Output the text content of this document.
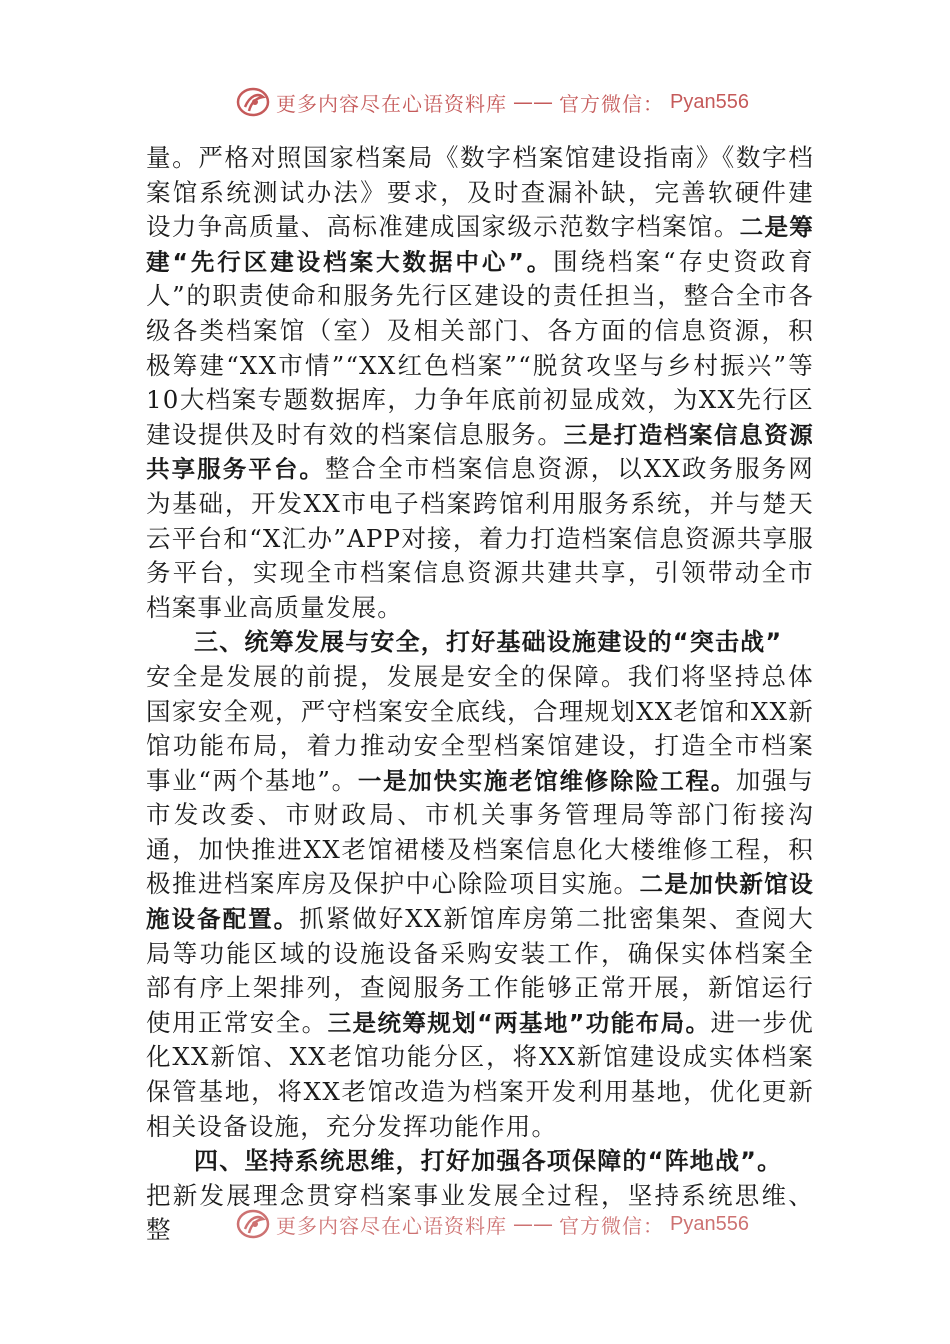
更多内容尽在心语资料库 —— 官方微信： Pyan556

量。严格对照国家档案局《数字档案馆建设指南》《数字档案馆系统测试办法》要求，及时查漏补缺，完善软硬件建设力争高质量、高标准建成国家级示范数字档案馆。二是筹建“先行区建设档案大数据中心”。围绕档案“存史资政育人”的职责使命和服务先行区建设的责任担当，整合全市各级各类档案馆（室）及相关部门、各方面的信息资源，积极筹建“XX市情”“XX红色档案”“脱贫攻坚与乡村振兴”等10大档案专题数据库，力争年底前初显成效，为XX先行区建设提供及时有效的档案信息服务。三是打造档案信息资源共享服务平台。整合全市档案信息资源，以XX政务服务网为基础，开发XX市电子档案跨馆利用服务系统，并与楚天云平台和“X汇办”APP对接，着力打造档案信息资源共享服务平台，实现全市档案信息资源共建共享，引领带动全市档案事业高质量发展。

三、统筹发展与安全，打好基础设施建设的“突击战”

安全是发展的前提，发展是安全的保障。我们将坚持总体国家安全观，严守档案安全底线，合理规划XX老馆和XX新馆功能布局，着力推动安全型档案馆建设，打造全市档案事业“两个基地”。一是加快实施老馆维修除险工程。加强与市发改委、市财政局、市机关事务管理局等部门衔接沟通，加快推进XX老馆裙楼及档案信息化大楼维修工程，积极推进档案库房及保护中心除险项目实施。二是加快新馆设施设备配置。抓紧做好XX新馆库房第二批密集架、查阅大局等功能区域的设施设备采购安装工作，确保实体档案全部有序上架排列，查阅服务工作能够正常开展，新馆运行使用正常安全。三是统筹规划“两基地”功能布局。进一步优化XX新馆、XX老馆功能分区，将XX新馆建设成实体档案保管基地，将XX老馆改造为档案开发利用基地，优化更新相关设备设施，充分发挥功能作用。

四、坚持系统思维，打好加强各项保障的“阵地战”。

把新发展理念贯穿档案事业发展全过程，坚持系统思维、整	更多内容尽在心语资料库 —— 官方微信： Pyan556
